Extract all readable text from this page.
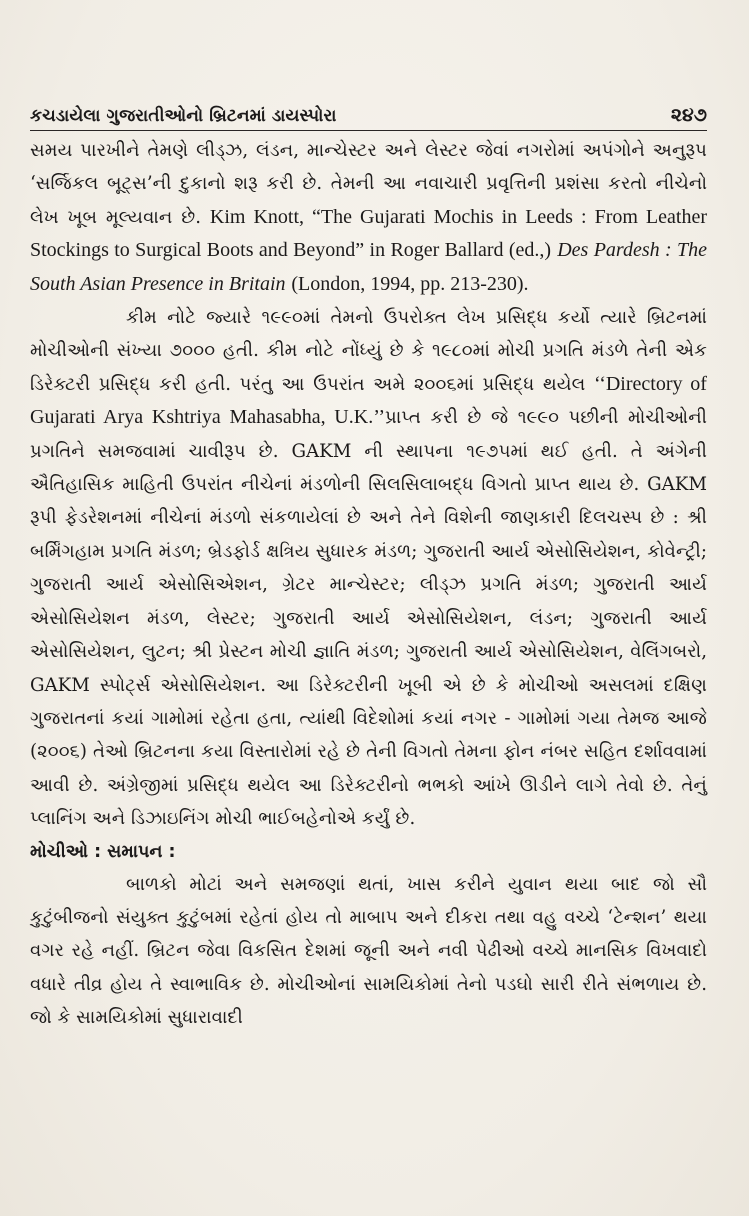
કચડાયેલા ગુજરાતીઓનો બ્રિટનમાં ડાયસ્પોરા	૨૪૭

સમય પારખીને તેમણે લીડ્ઝ, લંડન, માન્ચેસ્ટર અને લેસ્ટર જેવાં નગરોમાં અપંગોને અનુરૂપ ‘સર્જિકલ બૂટ્સ’ની દુકાનો શરૂ કરી છે. તેમની આ નવાચારી પ્રવૃત્તિની પ્રશંસા કરતો નીચેનો લેખ ખૂબ મૂલ્યવાન છે. Kim Knott, “The Gujarati Mochis in Leeds : From Leather Stockings to Surgical Boots and Beyond” in Roger Ballard (ed.,) Des Pardesh : The South Asian Presence in Britain (London, 1994, pp. 213-230).

કીમ નોટે જ્યારે ૧૯૯૦માં તેમનો ઉપરોક્ત લેખ પ્રસિદ્ધ કર્યો ત્યારે બ્રિટનમાં મોચીઓની સંખ્યા ૭૦૦૦ હતી. કીમ નોટે નોંધ્યું છે કે ૧૯૮૦માં મોચી પ્રગતિ મંડળે તેની એક ડિરેક્ટરી પ્રસિદ્ધ કરી હતી. પરંતુ આ ઉપરાંત અમે ૨૦૦૬માં પ્રસિદ્ધ થયેલ ‘‘Directory of Gujarati Arya Kshtriya Mahasabha, U.K.’’પ્રાપ્ત કરી છે જે ૧૯૯૦ પછીની મોચીઓની પ્રગતિને સમજવામાં ચાવીરૂપ છે. GAKM ની સ્થાપના ૧૯૭૫માં થઈ હતી. તે અંગેની ઐતિહાસિક માહિતી ઉપરાંત નીચેનાં મંડળોની સિલસિલાબદ્ધ વિગતો પ્રાપ્ત થાય છે. GAKM રૂપી ફેડરેશનમાં નીચેનાં મંડળો સંકળાયેલાં છે અને તેને વિશેની જાણકારી દિલચસ્પ છે : શ્રી બર્મિંગહામ પ્રગતિ મંડળ; બ્રેડફોર્ડ ક્ષત્રિય સુધારક મંડળ; ગુજરાતી આર્ય એસોસિયેશન, કોવેન્ટ્રી; ગુજરાતી આર્ય એસોસિએશન, ગ્રેટર માન્ચેસ્ટર; લીડ્ઝ પ્રગતિ મંડળ; ગુજરાતી આર્ય એસોસિયેશન મંડળ, લેસ્ટર; ગુજરાતી આર્ય એસોસિયેશન, લંડન; ગુજરાતી આર્ય એસોસિયેશન, લુટન; શ્રી પ્રેસ્ટન મોચી જ્ઞાતિ મંડળ; ગુજરાતી આર્ય એસોસિયેશન, વેલિંગબરો, GAKM સ્પોર્ટ્સ એસોસિયેશન. આ ડિરેક્ટરીની ખૂબી એ છે કે મોચીઓ અસલમાં દક્ષિણ ગુજરાતનાં કયાં ગામોમાં રહેતા હતા, ત્યાંથી વિદેશોમાં કયાં નગર - ગામોમાં ગયા તેમજ આજે (૨૦૦૬) તેઓ બ્રિટનના કયા વિસ્તારોમાં રહે છે તેની વિગતો તેમના ફોન નંબર સહિત દર્શાવવામાં આવી છે. અંગ્રેજીમાં પ્રસિદ્ધ થયેલ આ ડિરેક્ટરીનો ભભકો આંખે ઊડીને લાગે તેવો છે. તેનું પ્લાનિંગ અને ડિઝાઇનિંગ મોચી ભાઈબહેનોએ કર્યું છે.

મોચીઓ : સમાપન :

બાળકો મોટાં અને સમજણાં થતાં, ખાસ કરીને યુવાન થયા બાદ જો સૌ કુટુંબીજનો સંયુક્ત કુટુંબમાં રહેતાં હોય તો માબાપ અને દીકરા તથા વહુ વચ્ચે ‘ટેન્શન’ થયા વગર રહે નહીં. બ્રિટન જેવા વિકસિત દેશમાં જૂની અને નવી પેઢીઓ વચ્ચે માનસિક વિખવાદો વધારે તીવ્ર હોય તે સ્વાભાવિક છે. મોચીઓનાં સામયિકોમાં તેનો પડઘો સારી રીતે સંભળાય છે. જો કે સામયિકોમાં સુધારાવાદી
